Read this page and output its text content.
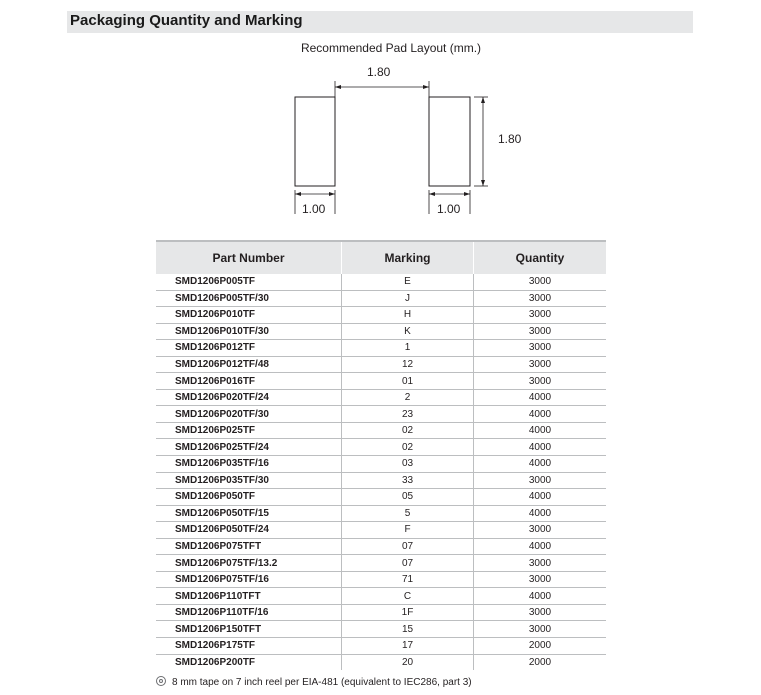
Packaging Quantity and Marking
Recommended Pad Layout (mm.)
1.80
1.80
1.00	1.00
Part Number	Marking	Quantity
SMD1206P005TF	E	3000
SMD1206P005TF/30	J	3000
SMD1206P010TF	H	3000
SMD1206P010TF/30	K	3000
SMD1206P012TF	1	3000
SMD1206P012TF/48	12	3000
SMD1206P016TF	01	3000
SMD1206P020TF/24	2	4000
SMD1206P020TF/30	23	4000
SMD1206P025TF	02	4000
SMD1206P025TF/24	02	4000
SMD1206P035TF/16	03	4000
SMD1206P035TF/30	33	3000
SMD1206P050TF	05	4000
SMD1206P050TF/15	5	4000
SMD1206P050TF/24	F	3000
SMD1206P075TFT	07	4000
SMD1206P075TF/13.2	07	3000
SMD1206P075TF/16	71	3000
SMD1206P110TFT	C	4000
SMD1206P110TF/16	1F	3000
SMD1206P150TFT	15	3000
SMD1206P175TF	17	2000
SMD1206P200TF	20	2000
8 mm tape on 7 inch reel per EIA-481 (equivalent to IEC286, part 3)
